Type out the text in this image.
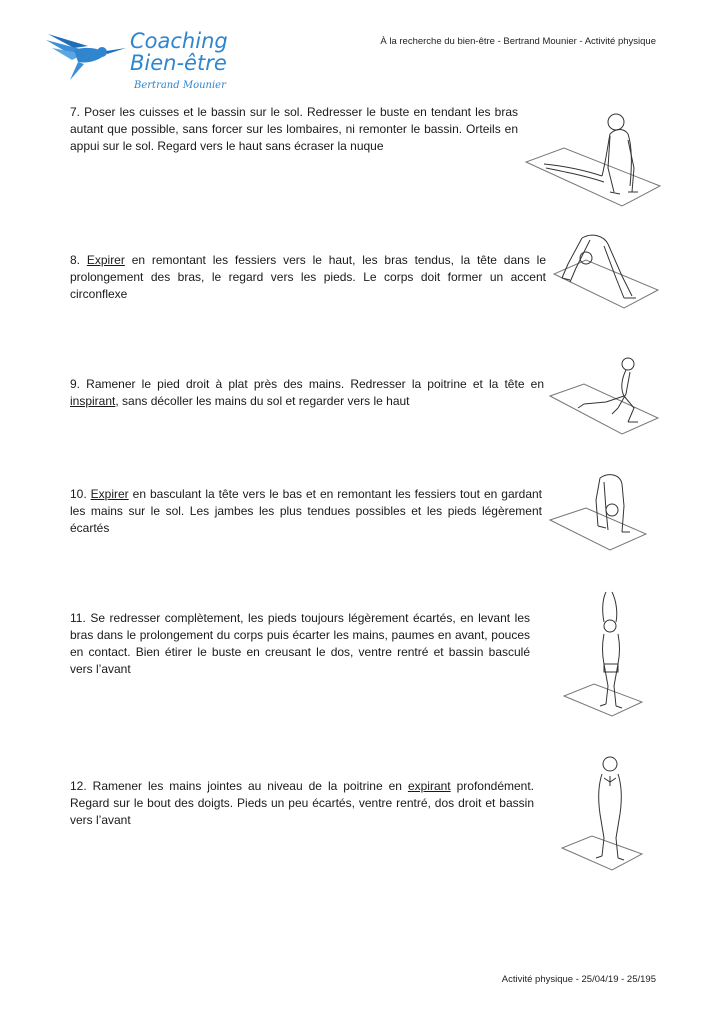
Coaching
Bien-être
Bertrand Mounier
À la recherche du bien-être - Bertrand Mounier - Activité physique
7. Poser les cuisses et le bassin sur le sol. Redresser le buste en tendant les bras autant que possible, sans forcer sur les lombaires, ni remonter le bassin. Orteils en appui sur le sol. Regard vers le haut sans écraser la nuque
8. Expirer en remontant les fessiers vers le haut, les bras tendus, la tête dans le prolongement des bras, le regard vers les pieds. Le corps doit former un accent circonflexe
9. Ramener le pied droit à plat près des mains. Redresser la poitrine et la tête en inspirant, sans décoller les mains du sol et regarder vers le haut
10. Expirer en basculant la tête vers le bas et en remontant les fessiers tout en gardant les mains sur le sol. Les jambes les plus tendues possibles et les pieds légèrement écartés
11. Se redresser complètement, les pieds toujours légèrement écartés, en levant les bras dans le prolongement du corps puis écarter les mains, paumes en avant, pouces en contact. Bien étirer le buste en creusant le dos, ventre rentré et bassin basculé vers l’avant
12. Ramener les mains jointes au niveau de la poitrine en expirant profondément. Regard sur le bout des doigts. Pieds un peu écartés, ventre rentré, dos droit et bassin vers l’avant
Activité physique - 25/04/19 - 25/195
